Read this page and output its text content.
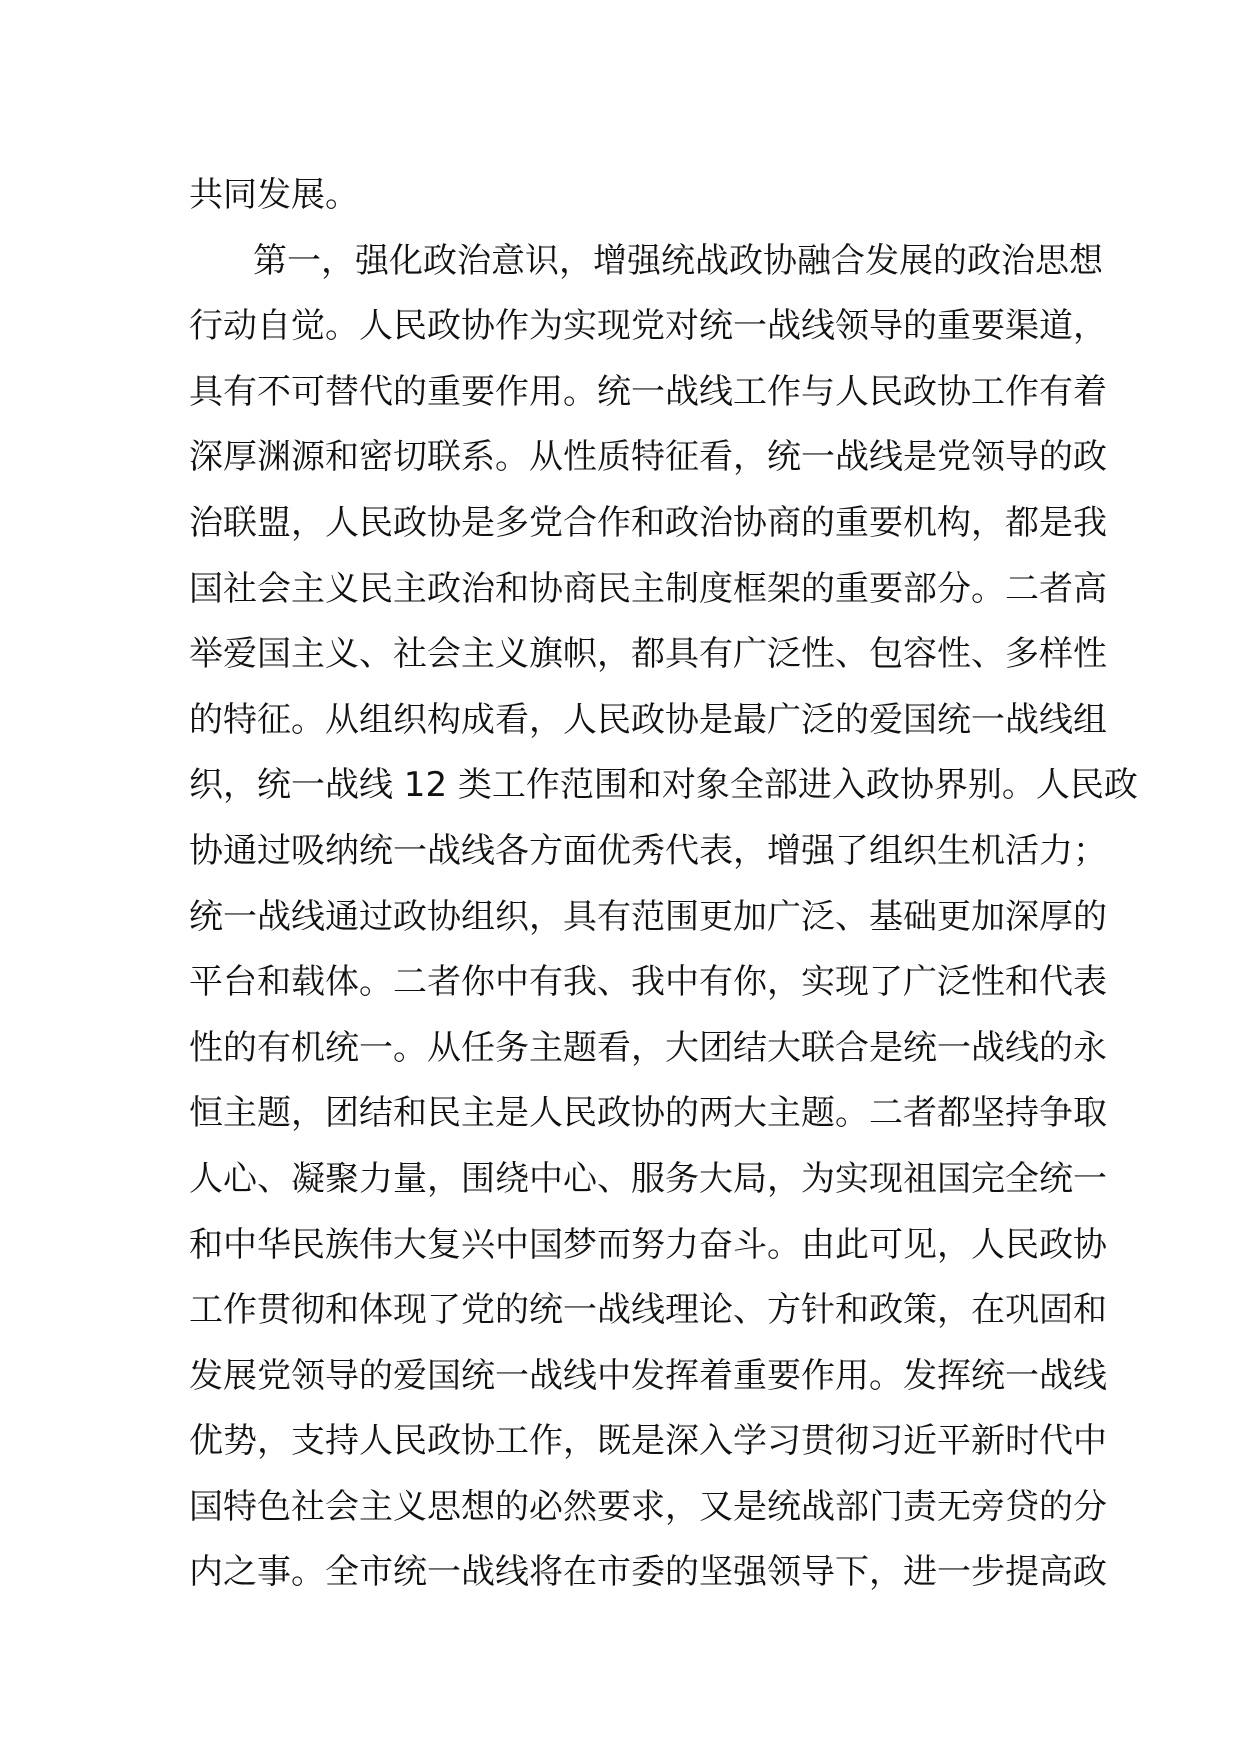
共同发展。
第一，强化政治意识，增强统战政协融合发展的政治思想
行动自觉。人民政协作为实现党对统一战线领导的重要渠道，
具有不可替代的重要作用。统一战线工作与人民政协工作有着
深厚渊源和密切联系。从性质特征看，统一战线是党领导的政
治联盟，人民政协是多党合作和政治协商的重要机构，都是我
国社会主义民主政治和协商民主制度框架的重要部分。二者高
举爱国主义、社会主义旗帜，都具有广泛性、包容性、多样性
的特征。从组织构成看，人民政协是最广泛的爱国统一战线组
织，统一战线 12 类工作范围和对象全部进入政协界别。人民政
协通过吸纳统一战线各方面优秀代表，增强了组织生机活力；
统一战线通过政协组织，具有范围更加广泛、基础更加深厚的
平台和载体。二者你中有我、我中有你，实现了广泛性和代表
性的有机统一。从任务主题看，大团结大联合是统一战线的永
恒主题，团结和民主是人民政协的两大主题。二者都坚持争取
人心、凝聚力量，围绕中心、服务大局，为实现祖国完全统一
和中华民族伟大复兴中国梦而努力奋斗。由此可见，人民政协
工作贯彻和体现了党的统一战线理论、方针和政策，在巩固和
发展党领导的爱国统一战线中发挥着重要作用。发挥统一战线
优势，支持人民政协工作，既是深入学习贯彻习近平新时代中
国特色社会主义思想的必然要求，又是统战部门责无旁贷的分
内之事。全市统一战线将在市委的坚强领导下，进一步提高政
